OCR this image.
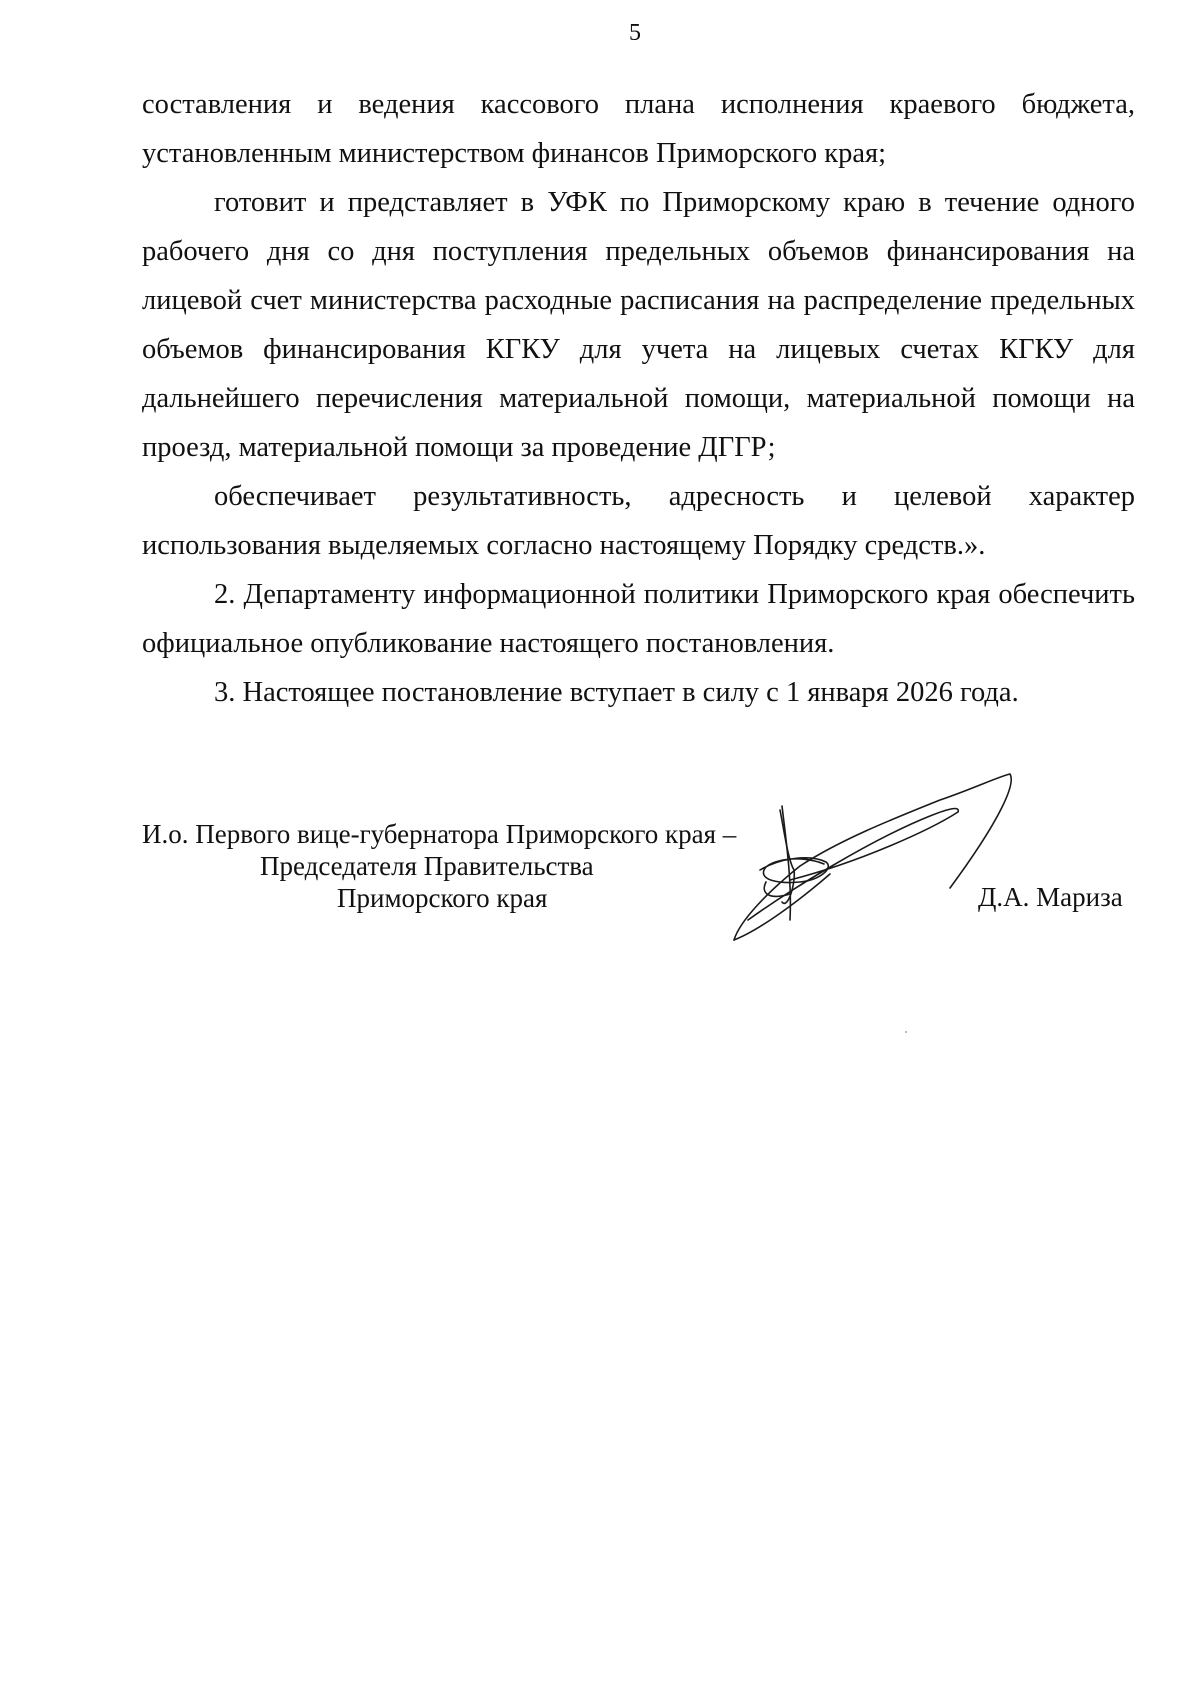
5

составления и ведения кассового плана исполнения краевого бюджета, установленным министерством финансов Приморского края;

готовит и представляет в УФК по Приморскому краю в течение одного рабочего дня со дня поступления предельных объемов финансирования на лицевой счет министерства расходные расписания на распределение предельных объемов финансирования КГКУ для учета на лицевых счетах КГКУ для дальнейшего перечисления материальной помощи, материальной помощи на проезд, материальной помощи за проведение ДГГР;

обеспечивает результативность, адресность и целевой характер использования выделяемых согласно настоящему Порядку средств.».

2. Департаменту информационной политики Приморского края обеспечить официальное опубликование настоящего постановления.

3. Настоящее постановление вступает в силу с 1 января 2026 года.

И.о. Первого вице-губернатора Приморского края –
Председателя Правительства
Приморского края	Д.А. Мариза
